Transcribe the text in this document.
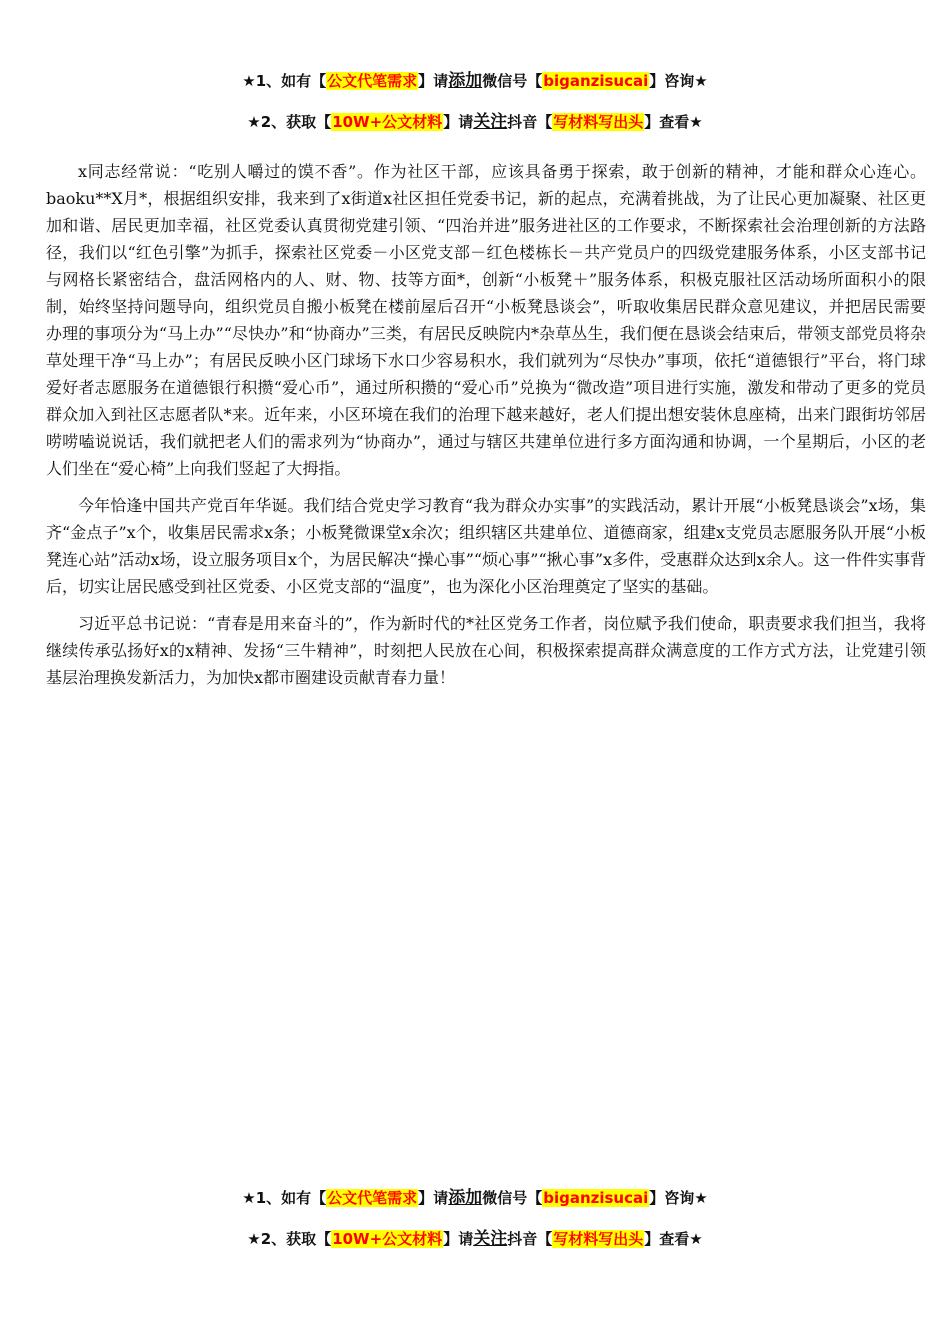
★1、如有【公文代笔需求】请添加微信号【biganzisucai】咨询★
★2、获取【10W+公文材料】请关注抖音【写材料写出头】查看★

x同志经常说：“吃别人嚼过的馍不香”。作为社区干部，应该具备勇于探索，敢于创新的精神，才能和群众心连心。baoku**X月*，根据组织安排，我来到了x街道x社区担任党委书记，新的起点，充满着挑战，为了让民心更加凝聚、社区更加和谐、居民更加幸福，社区党委认真贯彻党建引领、“四治并进”服务进社区的工作要求，不断探索社会治理创新的方法路径，我们以“红色引擎”为抓手，探索社区党委－小区党支部－红色楼栋长－共产党员户的四级党建服务体系，小区支部书记与网格长紧密结合，盘活网格内的人、财、物、技等方面*，创新“小板凳＋”服务体系，积极克服社区活动场所面积小的限制，始终坚持问题导向，组织党员自搬小板凳在楼前屋后召开“小板凳恳谈会”，听取收集居民群众意见建议，并把居民需要办理的事项分为“马上办”“尽快办”和“协商办”三类，有居民反映院内*杂草丛生，我们便在恳谈会结束后，带领支部党员将杂草处理干净“马上办”；有居民反映小区门球场下水口少容易积水，我们就列为“尽快办”事项，依托“道德银行”平台，将门球爱好者志愿服务在道德银行积攒“爱心币”，通过所积攒的“爱心币”兑换为“微改造”项目进行实施，激发和带动了更多的党员群众加入到社区志愿者队*来。近年来，小区环境在我们的治理下越来越好，老人们提出想安装休息座椅，出来门跟街坊邻居唠唠嗑说说话，我们就把老人们的需求列为“协商办”，通过与辖区共建单位进行多方面沟通和协调，一个星期后，小区的老人们坐在“爱心椅”上向我们竖起了大拇指。

今年恰逢中国共产党百年华诞。我们结合党史学习教育“我为群众办实事”的实践活动，累计开展“小板凳恳谈会”x场，集齐“金点子”x个，收集居民需求x条；小板凳微课堂x余次；组织辖区共建单位、道德商家，组建x支党员志愿服务队开展“小板凳连心站”活动x场，设立服务项目x个，为居民解决“操心事”“烦心事”“揪心事”x多件，受惠群众达到x余人。这一件件实事背后，切实让居民感受到社区党委、小区党支部的“温度”，也为深化小区治理奠定了坚实的基础。

习近平总书记说：“青春是用来奋斗的”，作为新时代的*社区党务工作者，岗位赋予我们使命，职责要求我们担当，我将继续传承弘扬好x的x精神、发扬“三牛精神”，时刻把人民放在心间，积极探索提高群众满意度的工作方式方法，让党建引领基层治理换发新活力，为加快x都市圈建设贡献青春力量！

★1、如有【公文代笔需求】请添加微信号【biganzisucai】咨询★
★2、获取【10W+公文材料】请关注抖音【写材料写出头】查看★
